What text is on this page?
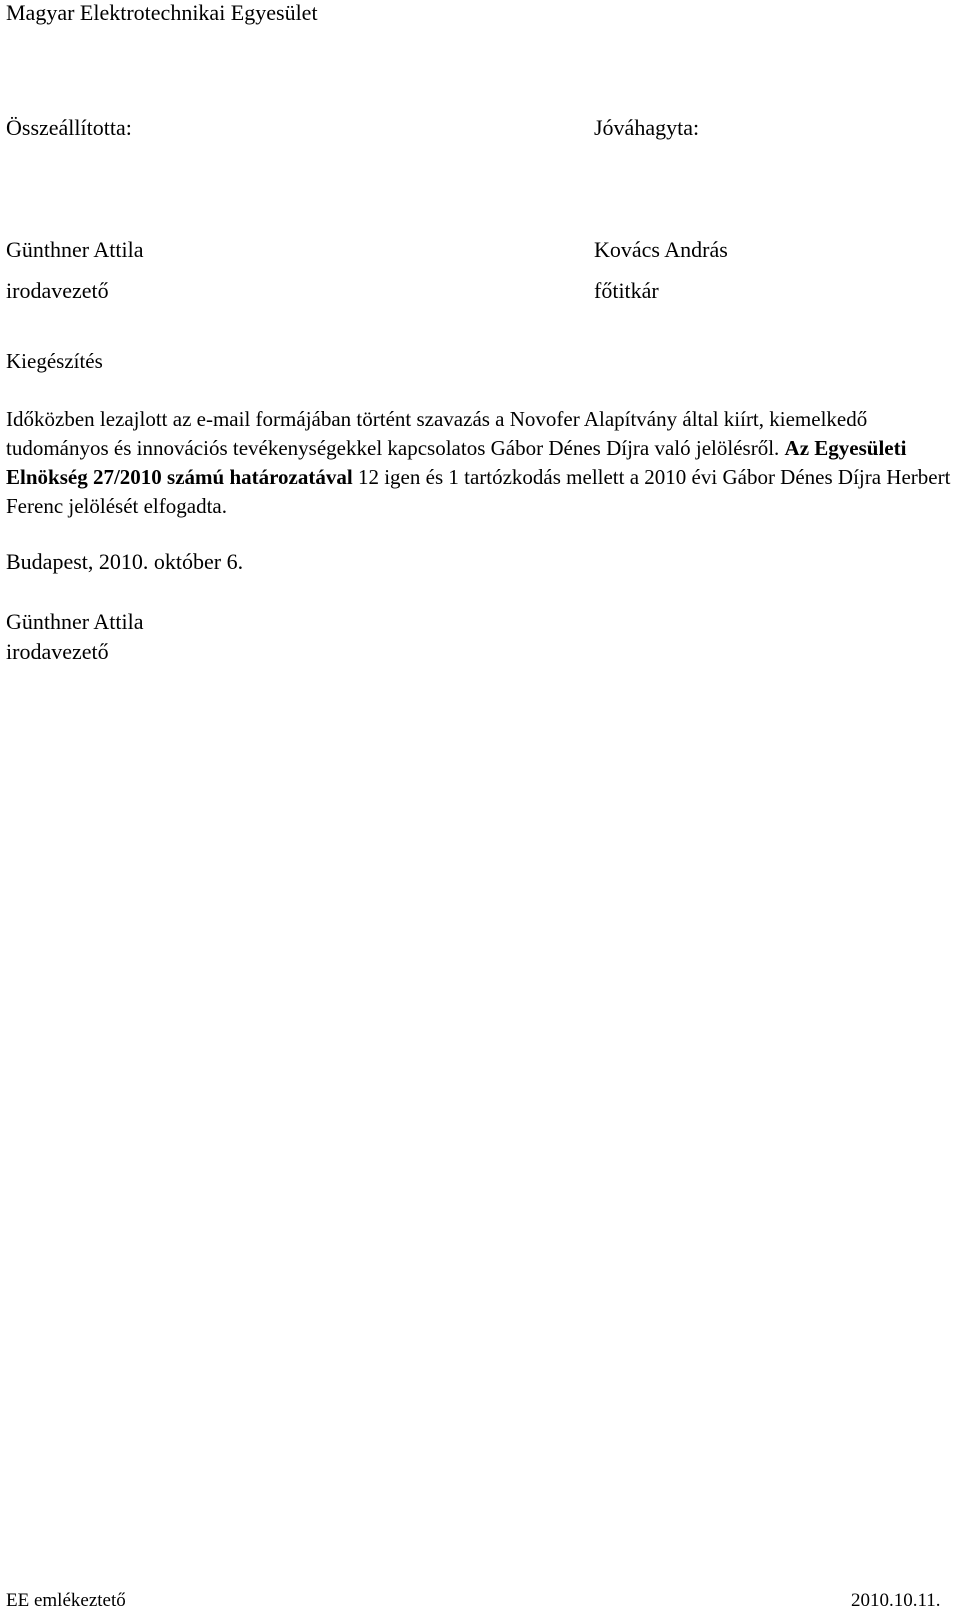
Magyar Elektrotechnikai Egyesület
Összeállította:	Jóváhagyta:
Günthner Attila	Kovács András
irodavezető	főtitkár
Kiegészítés
Időközben lezajlott az e-mail formájában történt szavazás a Novofer Alapítvány által kiírt, kiemelkedő tudományos és innovációs tevékenységekkel kapcsolatos Gábor Dénes Díjra való jelölésről. Az Egyesületi Elnökség 27/2010 számú határozatával 12 igen és 1 tartózkodás mellett a 2010 évi Gábor Dénes Díjra Herbert Ferenc jelölését elfogadta.
Budapest, 2010. október 6.
Günthner Attila
irodavezető
EE emlékeztető	2010.10.11.
